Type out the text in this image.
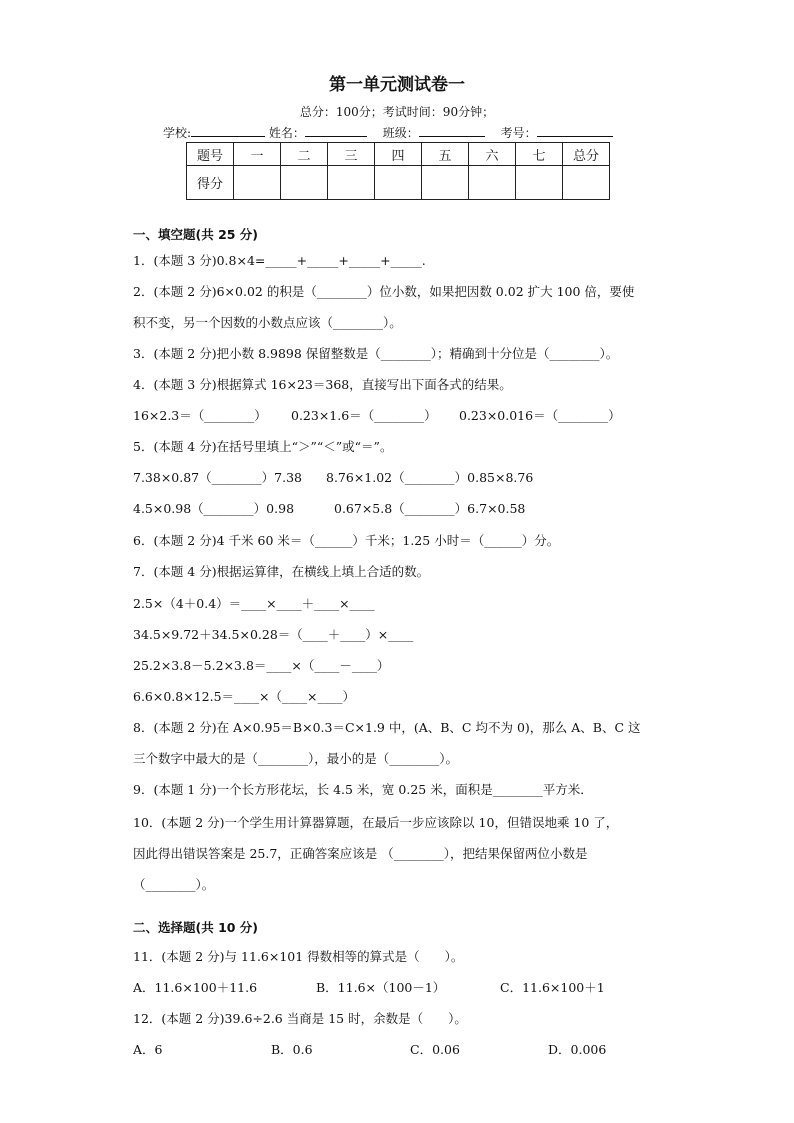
第一单元测试卷一
总分：100分；考试时间：90分钟；
学校:	姓名：	班级：	考号：
题号	一	二	三	四	五	六	七	总分
得分								
一、填空题(共 25 分)
1．(本题 3 分)0.8×4=_____+_____+_____+_____.
2．(本题 2 分)6×0.02 的积是（________）位小数，如果把因数 0.02 扩大 100 倍，要使
积不变，另一个因数的小数点应该（________）。
3．(本题 2 分)把小数 8.9898 保留整数是（________）；精确到十分位是（________）。
4．(本题 3 分)根据算式 16×23＝368，直接写出下面各式的结果。
16×2.3＝（________） 0.23×1.6＝（________） 0.23×0.016＝（________）
5．(本题 4 分)在括号里填上“＞”“＜”或“＝”。
7.38×0.87（________）7.38 8.76×1.02（________）0.85×8.76
4.5×0.98（________）0.98	0.67×5.8（________）6.7×0.58
6．(本题 2 分)4 千米 60 米＝（______）千米；1.25 小时＝（______）分。
7．(本题 4 分)根据运算律，在横线上填上合适的数。
2.5×（4＋0.4）＝____×____＋____×____
34.5×9.72＋34.5×0.28＝（____＋____）×____
25.2×3.8－5.2×3.8＝____×（____－____）
6.6×0.8×12.5＝____×（____×____）
8．(本题 2 分)在 A×0.95＝B×0.3＝C×1.9 中，(A、B、C 均不为 0)，那么 A、B、C 这
三个数字中最大的是（________），最小的是（________）。
9．(本题 1 分)一个长方形花坛，长 4.5 米，宽 0.25 米，面积是________平方米．
10．(本题 2 分)一个学生用计算器算题，在最后一步应该除以 10，但错误地乘 10 了，
因此得出错误答案是 25.7，正确答案应该是 （________），把结果保留两位小数是
（________）。
二、选择题(共 10 分)
11．(本题 2 分)与 11.6×101 得数相等的算式是（　　）。
A．11.6×100＋11.6	B．11.6×（100－1）	C．11.6×100＋1
12．(本题 2 分)39.6÷2.6 当商是 15 时，余数是（　　）。
A．6	B．0.6	C．0.06	D．0.006
